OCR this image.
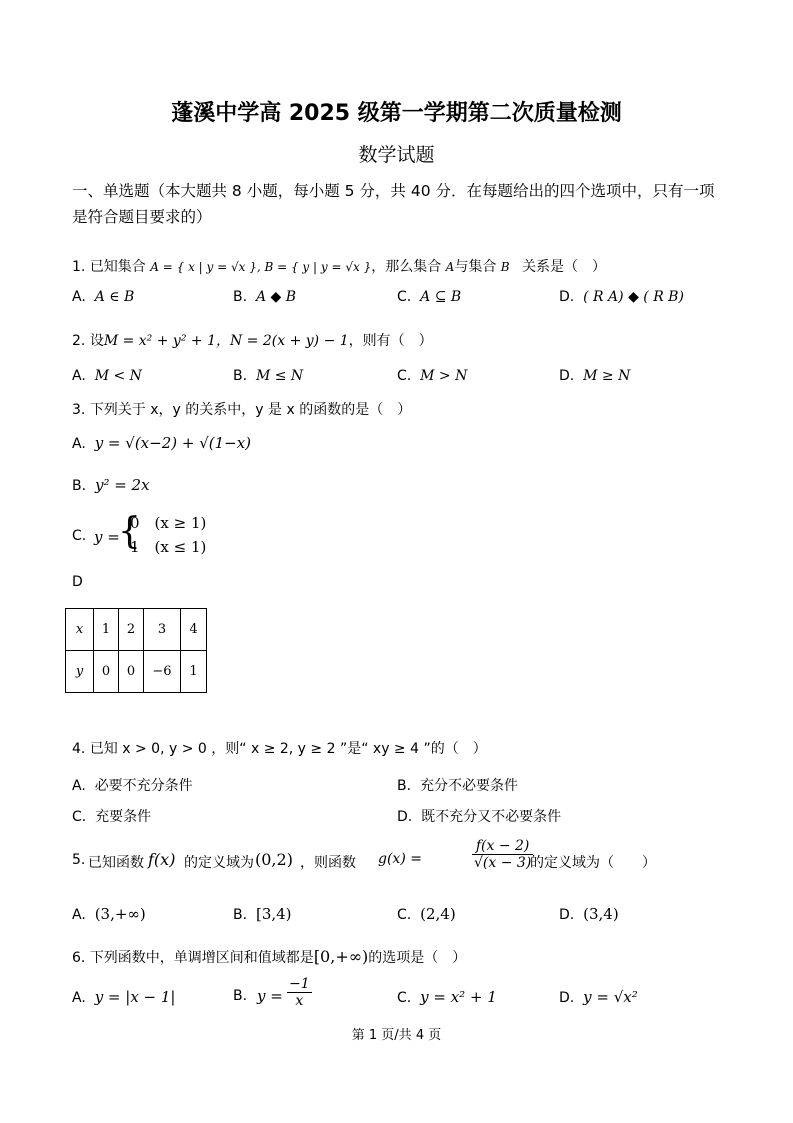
蓬溪中学高 2025 级第一学期第二次质量检测
数学试题
一、单选题（本大题共 8 小题，每小题 5 分，共 40 分．在每题给出的四个选项中，只有一项
是符合题目要求的）
1. 已知集合 A = { x | y = √x }, B = { y | y = √x }，那么集合 A与集合 B 关系是（　）
A. A ∈ B	B. A ◆ B	C. A ⊆ B	D. ( R A) ◆ ( R B)
2. 设M = x² + y² + 1，N = 2(x + y) − 1，则有（　）
A. M < N	B. M ≤ N	C. M > N	D. M ≥ N
3. 下列关于 x，y 的关系中，y 是 x 的函数的是（　）
A. y = √(x−2) + √(1−x)
B. y² = 2x
C. y =
{
0　(x ≥ 1)
1　(x ≤ 1)
D
x	1	2	3	4
y	0	0	−6	1
4. 已知 x > 0, y > 0 ，则“ x ≥ 2, y ≥ 2 ”是“ xy ≥ 4 ”的（　）
A. 必要不充分条件	B. 充分不必要条件
C. 充要条件	D. 既不充分又不必要条件
5. 已知函数 f(x) 的定义域为 (0,2) ，则函数 g(x) =	$\frac{f(x - 2)}{√(x - 3)}$
的定义域为（　　）
A. (3,+∞)	B. [3,4)	C. (2,4)	D. (3,4)
6. 下列函数中，单调增区间和值域都是[0,+∞)的选项是（　）
A. y = |x − 1|	B. $y = \frac{-1}{x}$	C. y = x² + 1	D. y = √x²
第 1 页/共 4 页
